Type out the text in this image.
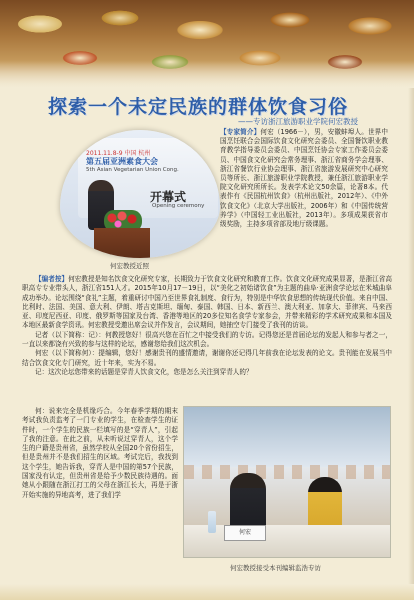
探索一个未定民族的群体饮食习俗
——专访浙江旅游职业学院何宏教授
2011.11.8-9 中国 杭州
第五届亚洲素食大会
5th Asian Vegetarian Union Cong.
开幕式
Opening ceremony
何宏教授近照
【专家简介】何宏（1966－），男，安徽蚌埠人。世界中国烹饪联合会国际饮食文化研究会委员、全国餐饮职业教育教学指导委员会委员、中国烹饪协会专家工作委员会委员、中国食文化研究会常务理事、浙江省商务学会理事、浙江省餐饮行业协会理事、浙江省旅游发展研究中心研究员等所长、浙江旅游职业学院教授，兼任浙江旅游职业学院文化研究所所长。发表学术论文50余篇，论著8本。代表作有《民国杭州饮食》（杭州出版社，2012年）、《中外饮食文化》（北京大学出版社，2006年）和《中国传统营养学》（中国轻工业出版社，2013年）。多项成果获省市级奖励，主持多项省部及地厅级课题。

【编者按】何宏教授是知名饮食文化研究专家，长期致力于饮食文化研究和教育工作。饮食文化研究成果显著，是浙江省高职高专专业带头人，浙江省151人才。2015年10月17－19日，以“美化之初始诸饮食”为主题的曲阜·亚洲食学论坛在米城曲阜成功举办。论坛围绕“食礼”主题，着重研讨中国乃至世界食礼制度、食行为，特别是中华饮食思想的传统现代价值。来自中国、比利时、法国、美国、意大利、伊朗、塔吉克斯坦、缅甸、泰国、韩国、日本、新西兰、澳大利亚、加拿大、菲律宾、马来西亚、印度尼西亚、印度、俄罗斯等国家及台湾、香港等地区的20多位知名食学专家参会，并带来精彩的学术研究成果和本国及本地区最新食学资讯。何宏教授受邀出席会议并作发言，会议期间，她抽空专门接受了我刊的访谈。

记者（以下简称：记）：何教授您好！很高兴您在百忙之中接受我们的专访。记得您还是首届论坛的发起人和参与者之一，一直以来都饶有兴致的参与这样的论坛，感谢您给我们这次机会。

何宏（以下简称何）：提编辑，您好！感谢贵刊的盛情邀请，谢谢你还记得几年前我在论坛发表的论文。贵刊能在发展当中结合饮食文化专门研究，近十年来，实为不易。

记：这次论坛您带来的话题是穿青人饮食文化，您是怎么关注到穿青人的？

何：说来完全是机缘巧合。今年春季学期的期末考试我负责监考了一门专业的学生，在检查学生的证件时，一个学生的民族一栏填写的是“穿青人”，引起了我的注意。在此之前，从未听说过穿青人，这个学生的户籍是贵州省，虽然学校从全国20个省份招生，但是贵州并不是我们招生的区域。考试完后，我找到这个学生，她告诉我，穿青人是中国的第57个民族，国家没有认定，但贵州省是给予少数民族待遇的。面她从小跟随在浙江打工的父母在浙江长大，再是于浙开始实施的异地高考，进了我们学

何宏
何宏教授接受本刊编辑监浩专访
